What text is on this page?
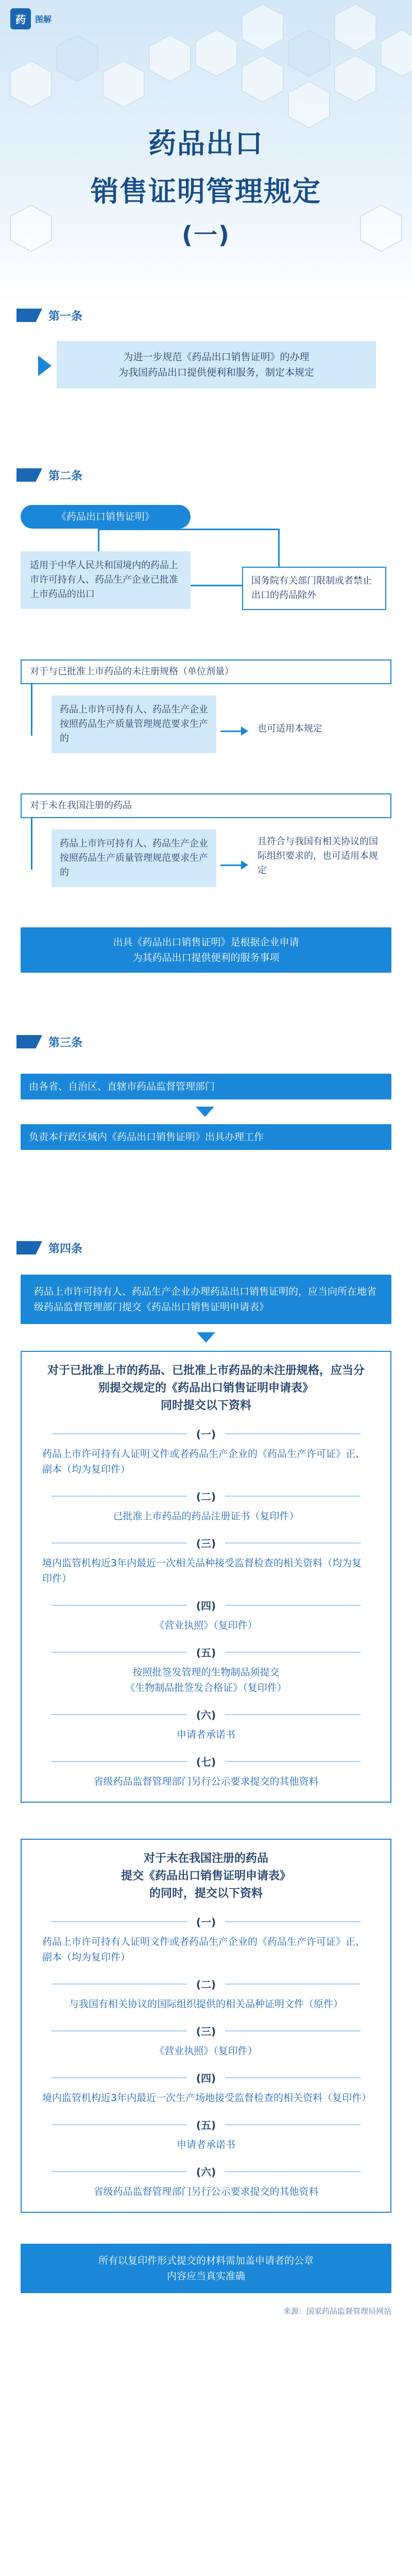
药	图解
药品出口
销售证明管理规定
(一)
第一条
为进一步规范《药品出口销售证明》的办理
为我国药品出口提供便利和服务，制定本规定
第二条
《药品出口销售证明》
适用于中华人民共和国境内的药品上市许可持有人、药品生产企业已批准上市药品的出口
国务院有关部门限制或者禁止出口的药品除外
对于与已批准上市药品的未注册规格（单位剂量）
药品上市许可持有人、药品生产企业按照药品生产质量管理规范要求生产的
也可适用本规定
对于未在我国注册的药品
药品上市许可持有人、药品生产企业按照药品生产质量管理规范要求生产的
且符合与我国有相关协议的国际组织要求的，也可适用本规定
出具《药品出口销售证明》是根据企业申请
为其药品出口提供便利的服务事项
第三条
由各省、自治区、直辖市药品监督管理部门
负责本行政区域内《药品出口销售证明》出具办理工作
第四条
药品上市许可持有人、药品生产企业办理药品出口销售证明的，应当向所在地省级药品监督管理部门提交《药品出口销售证明申请表》
对于已批准上市的药品、已批准上市药品的未注册规格，应当分别提交规定的《药品出口销售证明申请表》
同时提交以下资料
(一)
药品上市许可持有人证明文件或者药品生产企业的《药品生产许可证》正、副本（均为复印件）
(二)
已批准上市药品的药品注册证书（复印件）
(三)
境内监管机构近3年内最近一次相关品种接受监督检查的相关资料（均为复印件）
(四)
《营业执照》（复印件）
(五)
按照批签发管理的生物制品须提交
《生物制品批签发合格证》（复印件）
(六)
申请者承诺书
(七)
省级药品监督管理部门另行公示要求提交的其他资料
对于未在我国注册的药品
提交《药品出口销售证明申请表》
的同时，提交以下资料
(一)
药品上市许可持有人证明文件或者药品生产企业的《药品生产许可证》正、副本（均为复印件）
(二)
与我国有相关协议的国际组织提供的相关品种证明文件（原件）
(三)
《营业执照》（复印件）
(四)
境内监管机构近3年内最近一次生产场地接受监督检查的相关资料（复印件）
(五)
申请者承诺书
(六)
省级药品监督管理部门另行公示要求提交的其他资料
所有以复印件形式提交的材料需加盖申请者的公章
内容应当真实准确
来源：国家药品监督管理局网站
